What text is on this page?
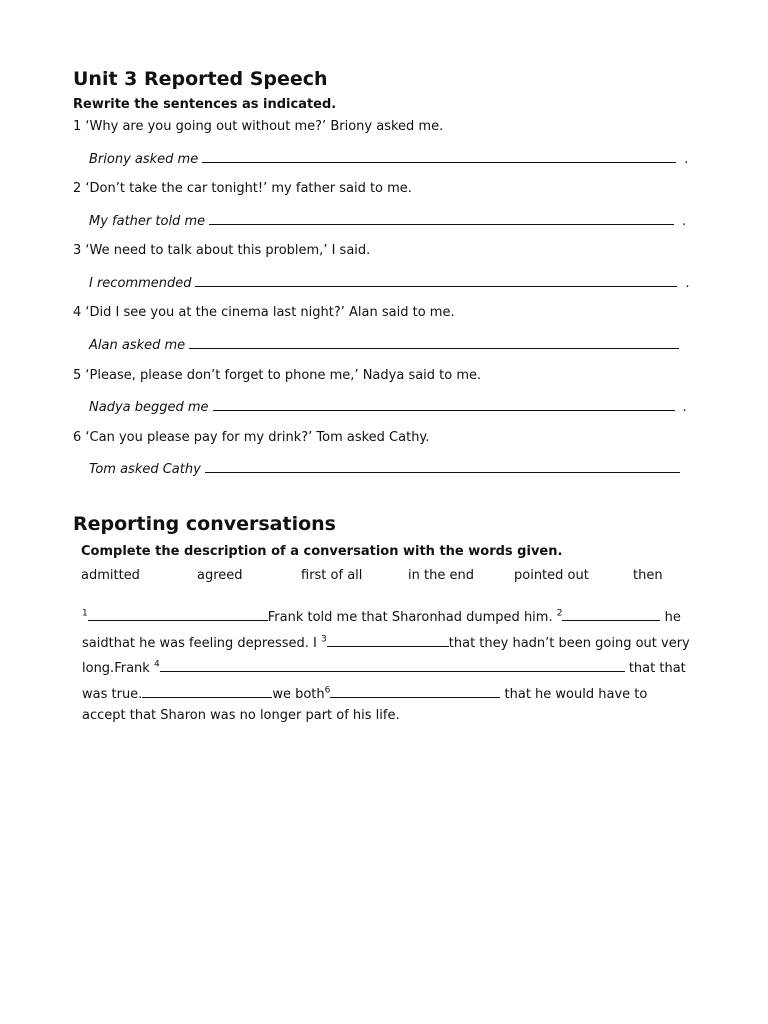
Unit 3 Reported Speech
Rewrite the sentences as indicated.
1 ‘Why are you going out without me?’ Briony asked me.
Briony asked me	.
2 ‘Don’t take the car tonight!’ my father said to me.
My father told me	.
3 ‘We need to talk about this problem,’ I said.
I recommended	.
4 ‘Did I see you at the cinema last night?’ Alan said to me.
Alan asked me
5 ‘Please, please don’t forget to phone me,’ Nadya said to me.
Nadya begged me	.
6 ‘Can you please pay for my drink?’ Tom asked Cathy.
Tom asked Cathy
Reporting conversations
Complete the description of a conversation with the words given.
admitted	agreed	first of all	in the end	pointed out	then
$^1$	Frank told me that Sharonhad dumped him. $^2$	he
saidthat he was feeling depressed. I $^3$	that they hadn’t been going out very
long.Frank $^4$	that that
was true.	we both$^6$	that he would have to
accept that Sharon was no longer part of his life.
